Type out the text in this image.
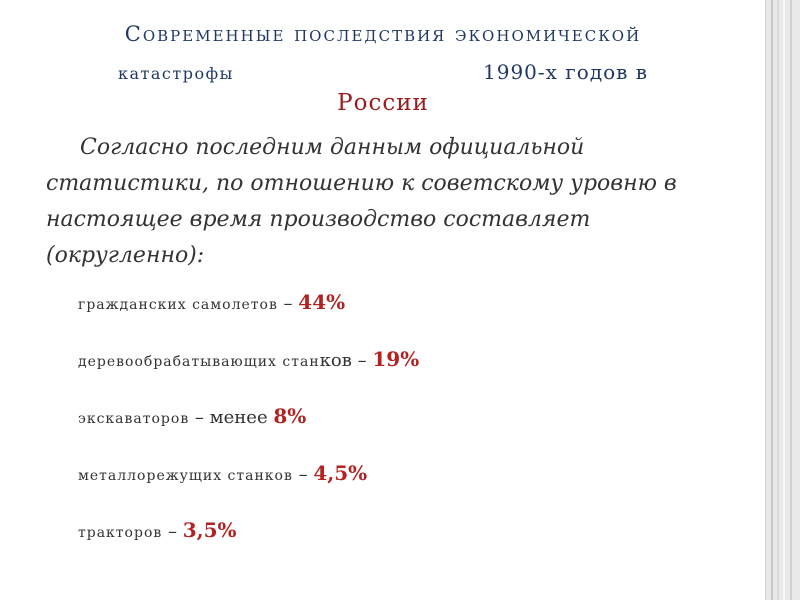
Современные последствия экономической
катастрофы	1990-х годов в
России

Согласно последним данным официальной статистики, по отношению к советскому уровню в настоящее время производство составляет (округленно):

гражданских самолетов – 44%
деревообрабатывающих станков – 19%
экскаваторов – менее 8%
металлорежущих станков – 4,5%
тракторов – 3,5%
